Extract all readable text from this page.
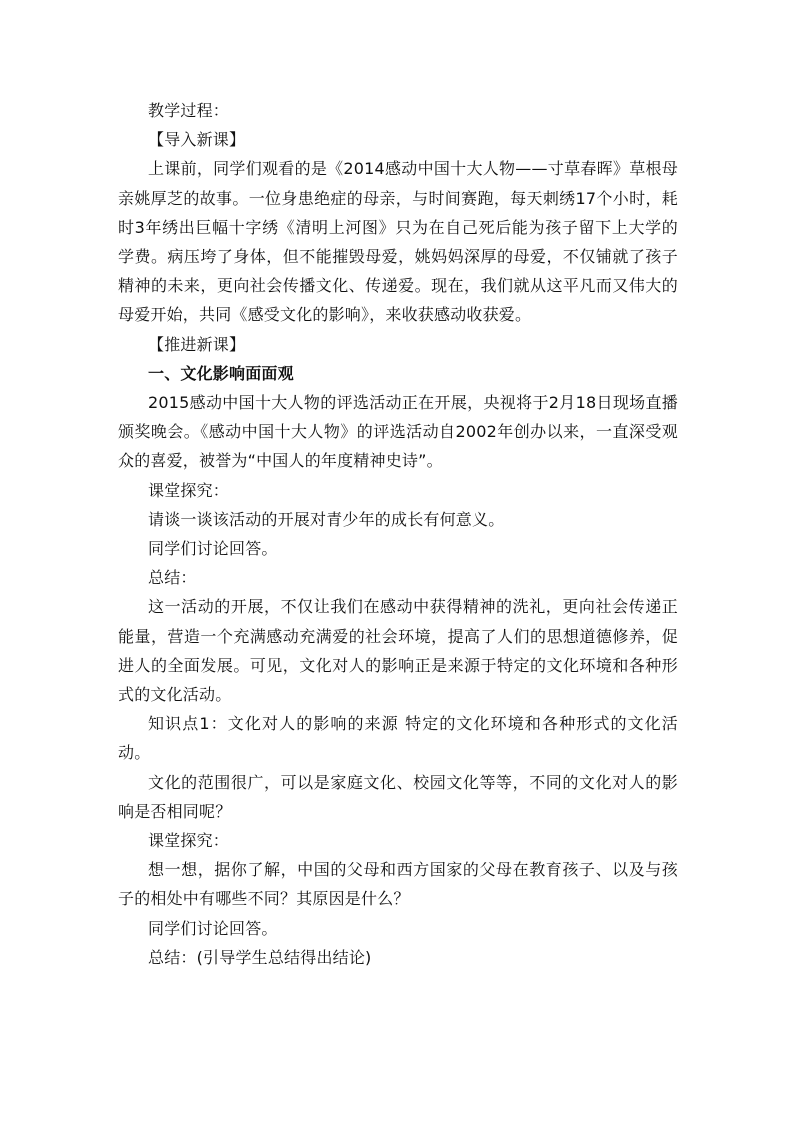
教学过程：

【导入新课】

上课前，同学们观看的是《2014感动中国十大人物——寸草春晖》草根母亲姚厚芝的故事。一位身患绝症的母亲，与时间赛跑，每天刺绣17个小时，耗时3年绣出巨幅十字绣《清明上河图》只为在自己死后能为孩子留下上大学的学费。病压垮了身体，但不能摧毁母爱，姚妈妈深厚的母爱，不仅铺就了孩子精神的未来，更向社会传播文化、传递爱。现在，我们就从这平凡而又伟大的母爱开始，共同《感受文化的影响》，来收获感动收获爱。

【推进新课】

一、文化影响面面观

2015感动中国十大人物的评选活动正在开展，央视将于2月18日现场直播颁奖晚会。《感动中国十大人物》的评选活动自2002年创办以来，一直深受观众的喜爱，被誉为“中国人的年度精神史诗”。

课堂探究：

请谈一谈该活动的开展对青少年的成长有何意义。

同学们讨论回答。

总结：

这一活动的开展，不仅让我们在感动中获得精神的洗礼，更向社会传递正能量，营造一个充满感动充满爱的社会环境，提高了人们的思想道德修养，促进人的全面发展。可见，文化对人的影响正是来源于特定的文化环境和各种形式的文化活动。

知识点1：文化对人的影响的来源 特定的文化环境和各种形式的文化活动。

文化的范围很广，可以是家庭文化、校园文化等等，不同的文化对人的影响是否相同呢？

课堂探究：

想一想，据你了解，中国的父母和西方国家的父母在教育孩子、以及与孩子的相处中有哪些不同？其原因是什么？

同学们讨论回答。

总结：(引导学生总结得出结论)
